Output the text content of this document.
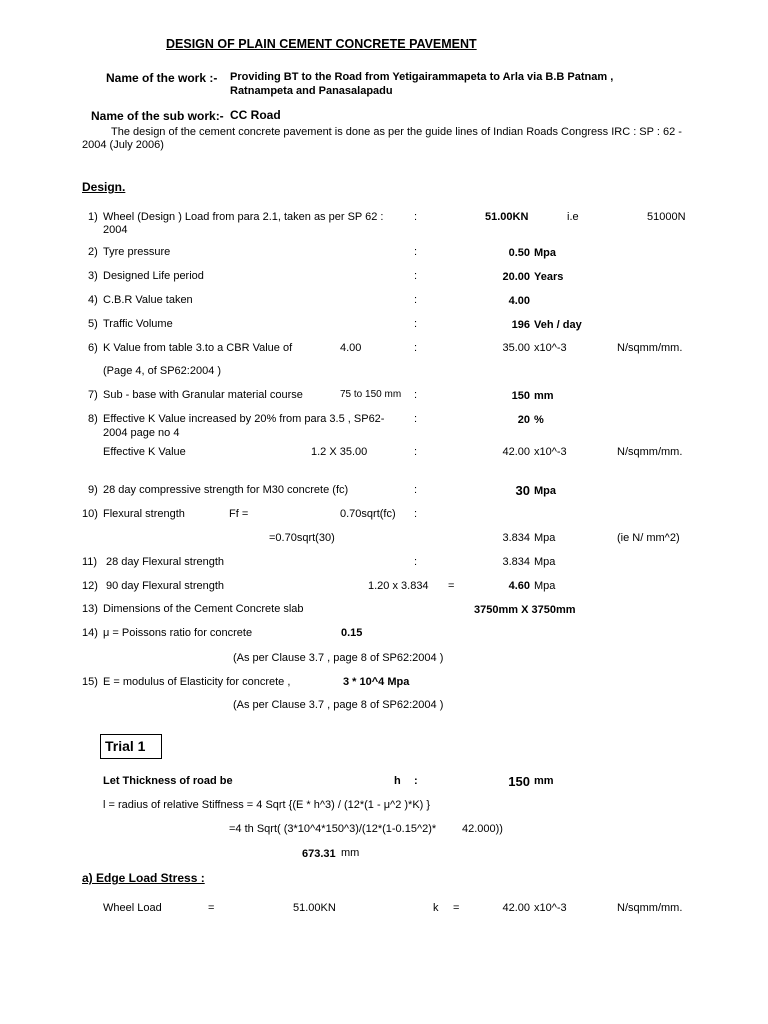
DESIGN OF PLAIN CEMENT CONCRETE PAVEMENT
Name of the work :- Providing BT to the Road from Yetigairammapeta to Arla via B.B Patnam ,
Ratnampeta and Panasalapadu
Name of the sub work:- CC Road
The design of the cement concrete pavement is done as per the guide lines of Indian Roads Congress IRC : SP : 62 -
2004 (July 2006)
Design.
1) Wheel (Design ) Load from para 2.1, taken as per SP 62 :
2004
:	51.00KN	i.e	51000N
2) Tyre pressure	:	0.50 Mpa
3) Designed Life period	:	20.00 Years
4) C.B.R Value taken	:	4.00
5) Traffic Volume	:	196 Veh / day
6) K Value from table 3.to a CBR Value of	4.00	:	35.00 x10^-3	N/sqmm/mm.
(Page 4, of SP62:2004 )
7) Sub - base with Granular material course	75 to 150 mm :	150 mm
8) Effective K Value increased by 20% from para 3.5 , SP62-
2004 page no 4
:	20 %
Effective K Value	1.2 X 35.00	:	42.00 x10^-3	N/sqmm/mm.
9) 28 day compressive strength for M30 concrete (fc)	:	30 Mpa
10) Flexural strength	Ff =	0.70sqrt(fc) :
=0.70sqrt(30)	3.834 Mpa	(ie N/ mm^2)
11) 28 day Flexural strength	:	3.834 Mpa
12) 90 day Flexural strength	1.20 x 3.834 =	4.60 Mpa
13) Dimensions of the Cement Concrete slab	3750mm X 3750mm
14) μ = Poissons ratio for concrete	0.15
(As per Clause 3.7 , page 8 of SP62:2004 )
15) E = modulus of Elasticity for concrete ,	3 * 10^4 Mpa
(As per Clause 3.7 , page 8 of SP62:2004 )
Trial 1
Let Thickness of road be	h :	150 mm
l = radius of relative Stiffness = 4 Sqrt {(E * h^3) / (12*(1 - μ^2 )*K) }
=4 th Sqrt( (3*10^4*150^3)/(12*(1-0.15^2)* 42.000))
673.31 mm
a) Edge Load Stress :
Wheel Load	=	51.00KN	k =	42.00 x10^-3	N/sqmm/mm.
